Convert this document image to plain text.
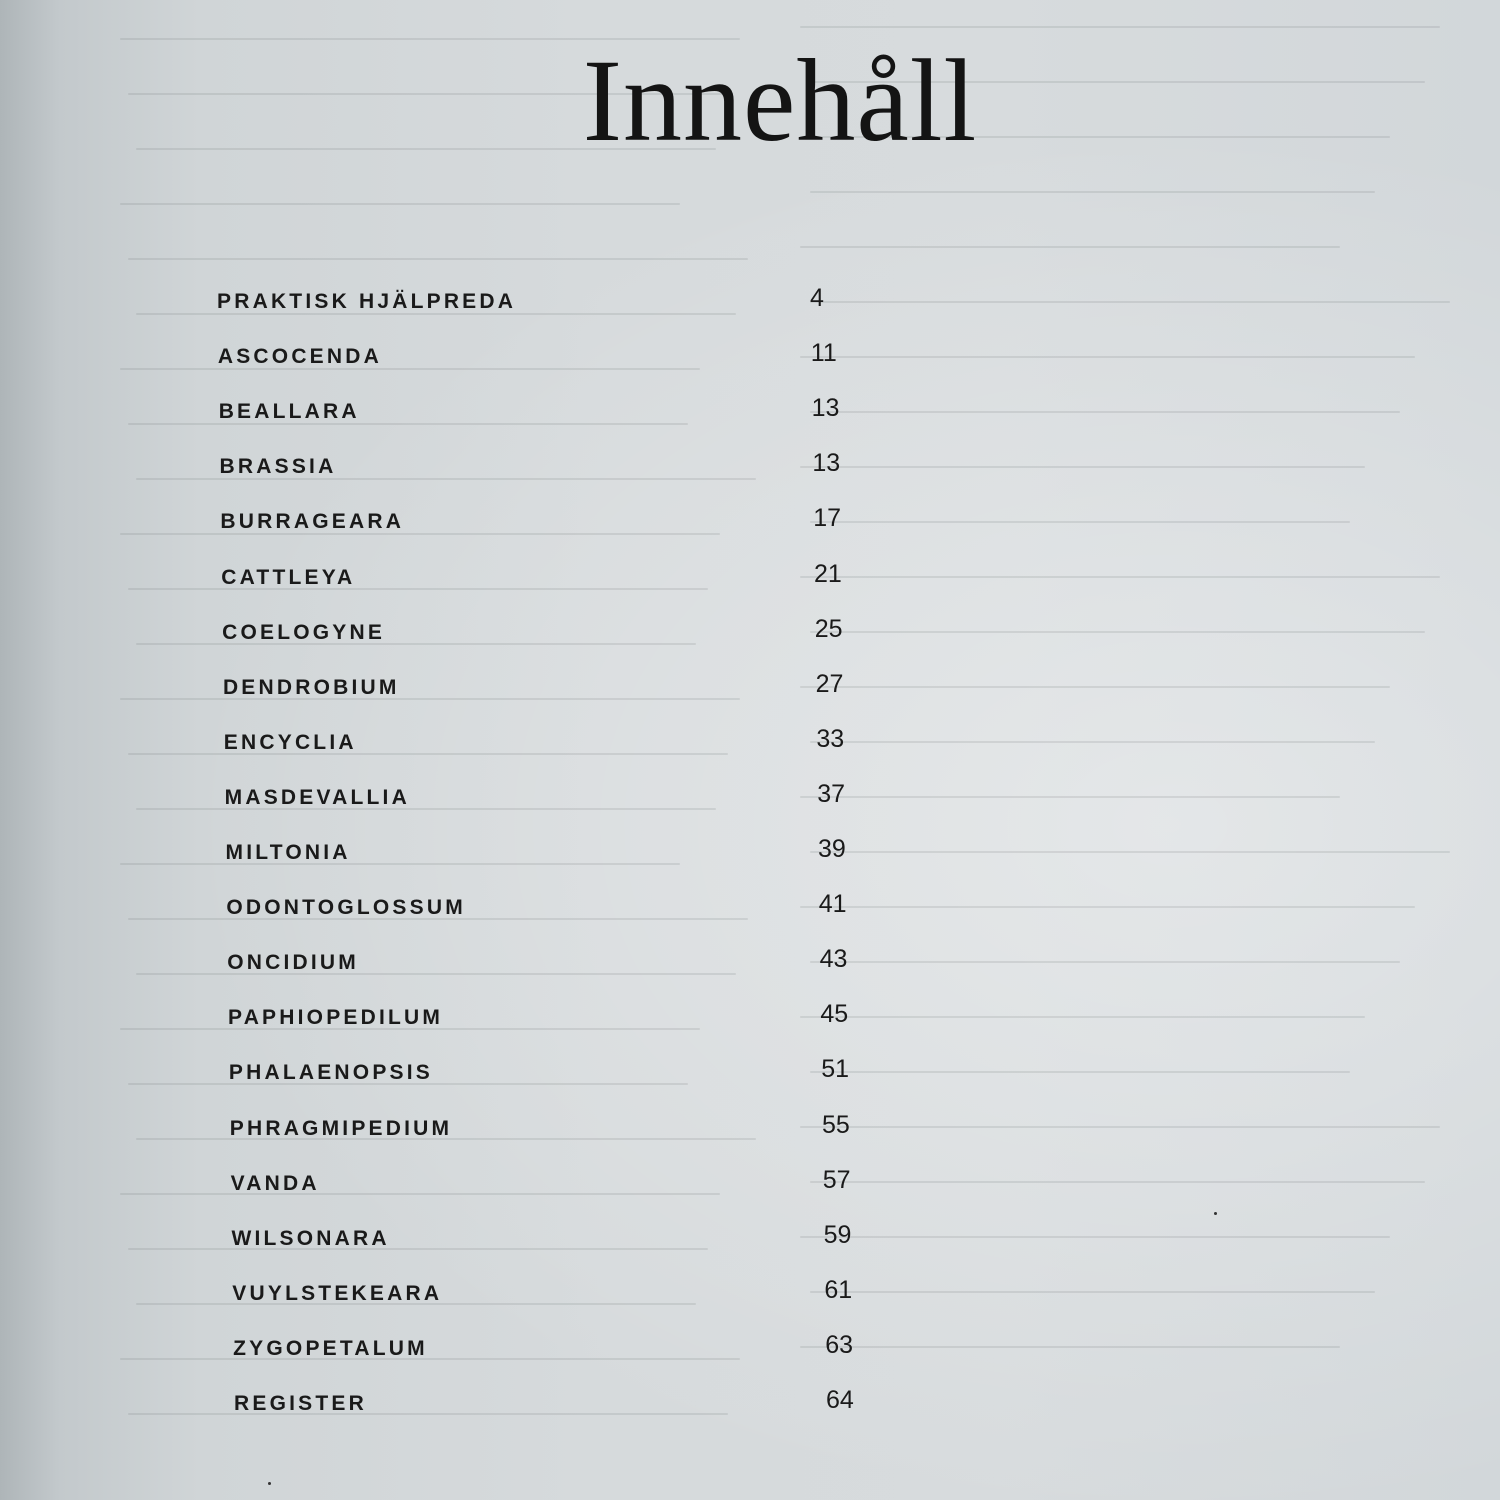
Innehåll
PRAKTISK HJÄLPREDA	4
ASCOCENDA	11
BEALLARA	13
BRASSIA	13
BURRAGEARA	17
CATTLEYA	21
COELOGYNE	25
DENDROBIUM	27
ENCYCLIA	33
MASDEVALLIA	37
MILTONIA	39
ODONTOGLOSSUM	41
ONCIDIUM	43
PAPHIOPEDILUM	45
PHALAENOPSIS	51
PHRAGMIPEDIUM	55
VANDA	57
WILSONARA	59
VUYLSTEKEARA	61
ZYGOPETALUM	63
REGISTER	64
